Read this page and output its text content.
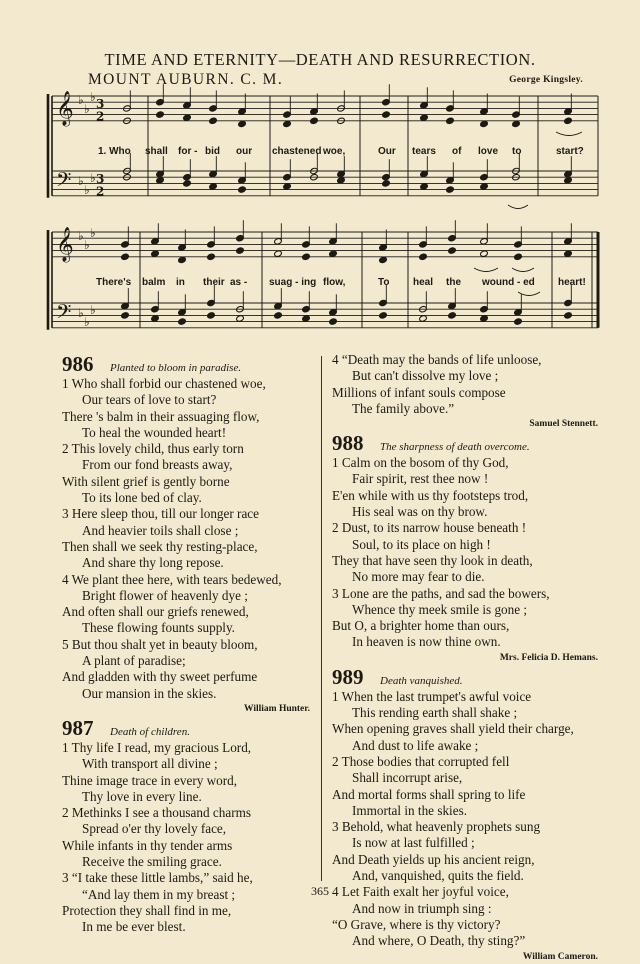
TIME AND ETERNITY—DEATH AND RESURRECTION.
MOUNT AUBURN. C. M.	George Kingsley.
𝄞
𝄢
𝄞
𝄢
♭
♭
♭
♭
♭
♭
♭
♭
♭
♭
♭
♭
3
2
3
2
986 Planted to bloom in paradise.
1 Who shall forbid our chastened woe,
Our tears of love to start?
There 's balm in their assuaging flow,
To heal the wounded heart!
2 This lovely child, thus early torn
From our fond breasts away,
With silent grief is gently borne
To its lone bed of clay.
3 Here sleep thou, till our longer race
And heavier toils shall close ;
Then shall we seek thy resting-place,
And share thy long repose.
4 We plant thee here, with tears bedewed,
Bright flower of heavenly dye ;
And often shall our griefs renewed,
These flowing founts supply.
5 But thou shalt yet in beauty bloom,
A plant of paradise;
And gladden with thy sweet perfume
Our mansion in the skies.
William Hunter.
987 Death of children.
1 Thy life I read, my gracious Lord,
With transport all divine ;
Thine image trace in every word,
Thy love in every line.
2 Methinks I see a thousand charms
Spread o'er thy lovely face,
While infants in thy tender arms
Receive the smiling grace.
3 “I take these little lambs,” said he,
“And lay them in my breast ;
Protection they shall find in me,
In me be ever blest.
4 “Death may the bands of life unloose,
But can't dissolve my love ;
Millions of infant souls compose
The family above.”
Samuel Stennett.
988 The sharpness of death overcome.
1 Calm on the bosom of thy God,
Fair spirit, rest thee now !
E'en while with us thy footsteps trod,
His seal was on thy brow.
2 Dust, to its narrow house beneath !
Soul, to its place on high !
They that have seen thy look in death,
No more may fear to die.
3 Lone are the paths, and sad the bowers,
Whence thy meek smile is gone ;
But O, a brighter home than ours,
In heaven is now thine own.
Mrs. Felicia D. Hemans.
989 Death vanquished.
1 When the last trumpet's awful voice
This rending earth shall shake ;
When opening graves shall yield their charge,
And dust to life awake ;
2 Those bodies that corrupted fell
Shall incorrupt arise,
And mortal forms shall spring to life
Immortal in the skies.
3 Behold, what heavenly prophets sung
Is now at last fulfilled ;
And Death yields up his ancient reign,
And, vanquished, quits the field.
4 Let Faith exalt her joyful voice,
And now in triumph sing :
“O Grave, where is thy victory?
And where, O Death, thy sting?”
William Cameron.
365
1. Who shall for - bid our chastened woe,	Our tears of love to	start?
There's balm in their as - suag - ing flow,	To heal the wound - ed heart!
